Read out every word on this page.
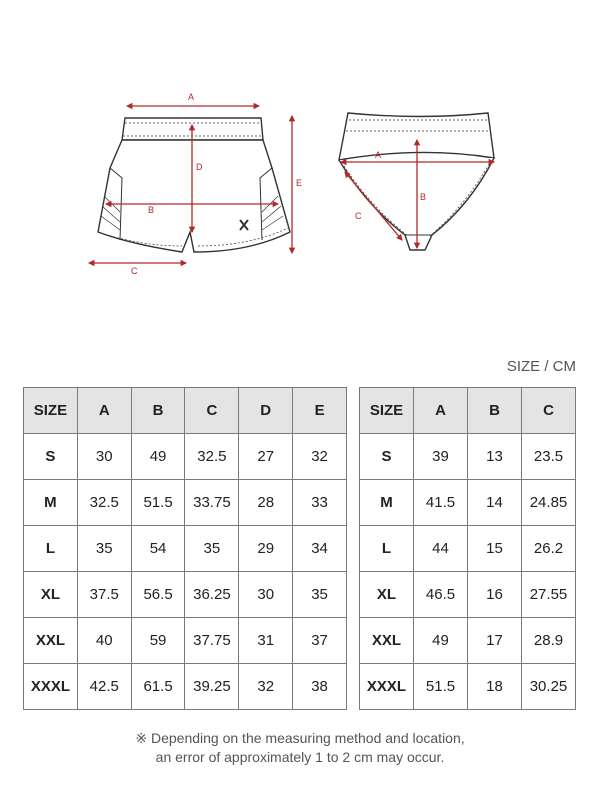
A
B
C
D
E
A
B
C
SIZE / CM
SIZE	A	B	C	D	E
S	30	49	32.5	27	32
M	32.5	51.5	33.75	28	33
L	35	54	35	29	34
XL	37.5	56.5	36.25	30	35
XXL	40	59	37.75	31	37
XXXL	42.5	61.5	39.25	32	38
SIZE	A	B	C
S	39	13	23.5
M	41.5	14	24.85
L	44	15	26.2
XL	46.5	16	27.55
XXL	49	17	28.9
XXXL	51.5	18	30.25
※ Depending on the measuring method and location,
an error of approximately 1 to 2 cm may occur.
